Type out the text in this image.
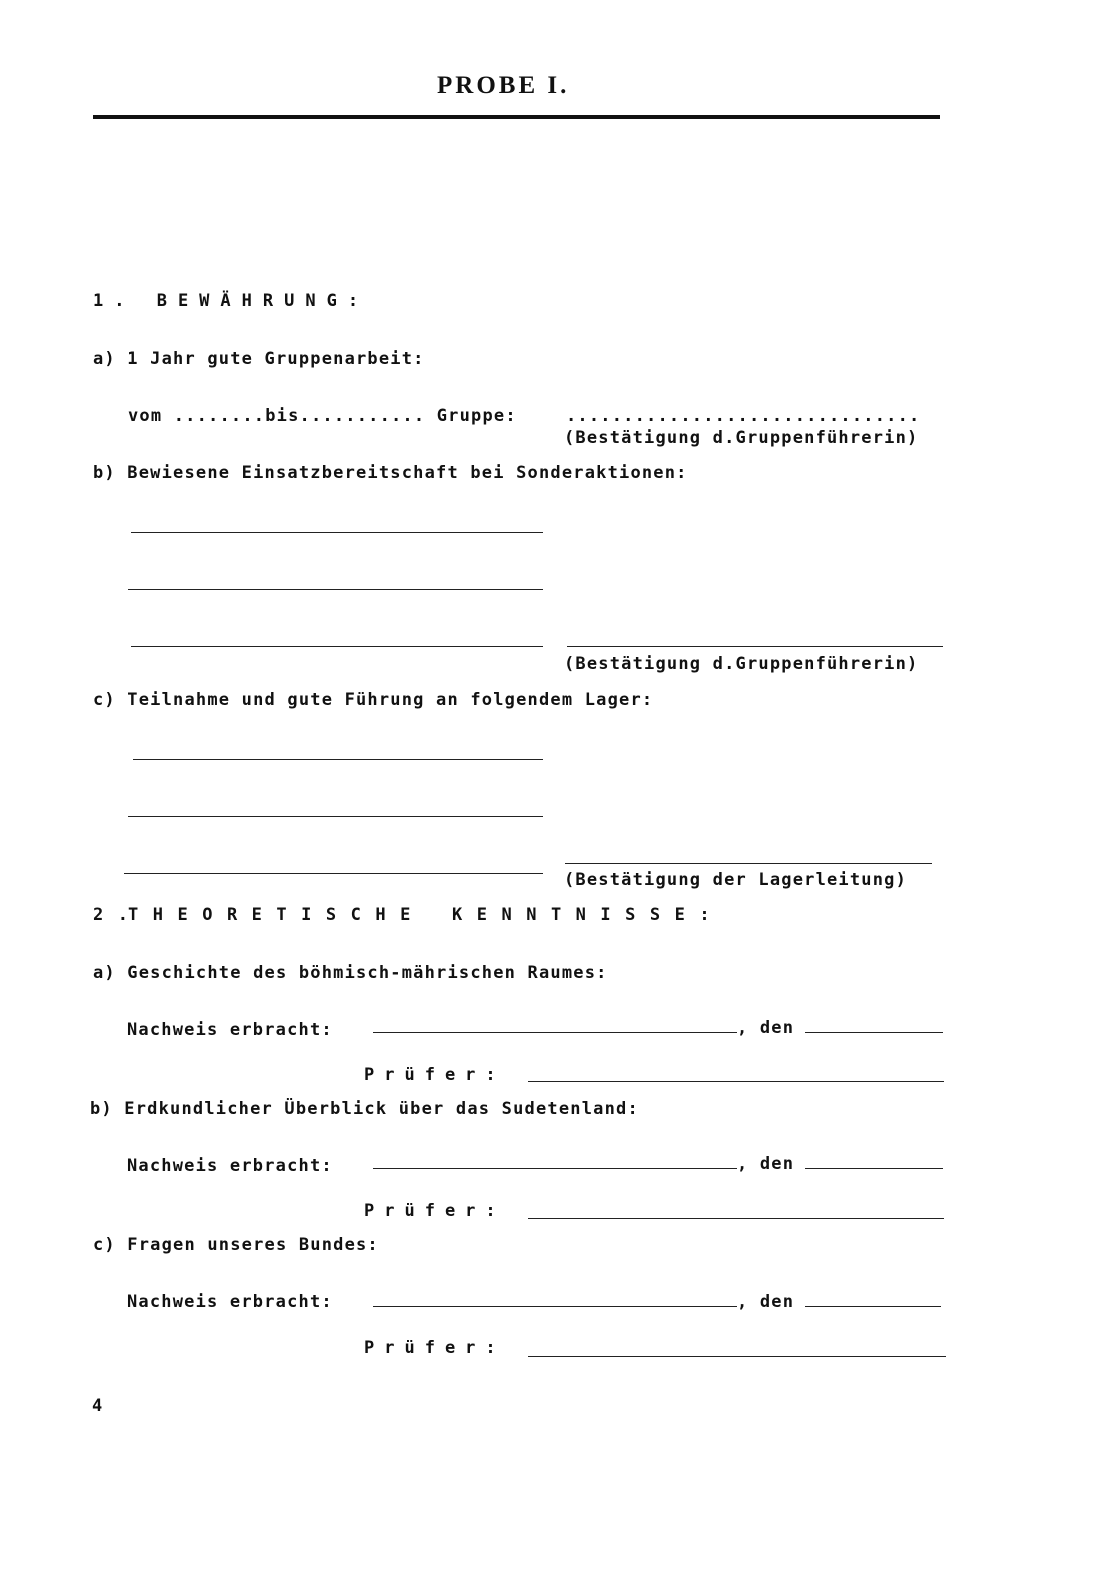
PROBE I.
1. BEWÄHRUNG:
a) 1 Jahr gute Gruppenarbeit:
vom ........bis........... Gruppe:	...............................
(Bestätigung d.Gruppenführerin)
b) Bewiesene Einsatzbereitschaft bei Sonderaktionen:
(Bestätigung d.Gruppenführerin)
c) Teilnahme und gute Führung an folgendem Lager:
(Bestätigung der Lagerleitung)
2.
THEORETISCHE KENNTNISSE:
a) Geschichte des böhmisch-mährischen Raumes:
Nachweis erbracht:	, den
Prüfer:
b) Erdkundlicher Überblick über das Sudetenland:
Nachweis erbracht:	, den
Prüfer:
c) Fragen unseres Bundes:
Nachweis erbracht:	, den
Prüfer:
4
